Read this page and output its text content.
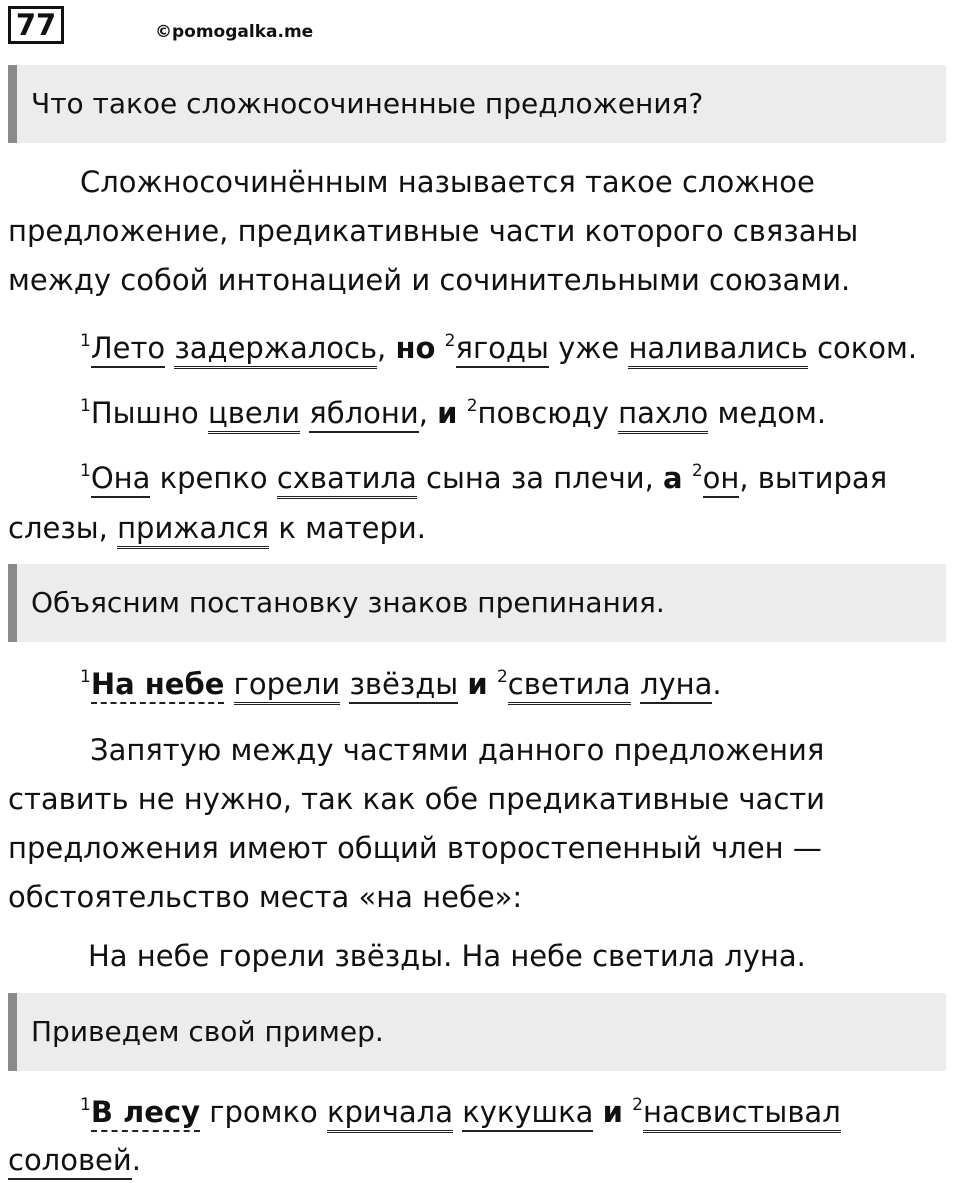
77	©pomogalka.me
Что такое сложносочиненные предложения?
Сложносочинённым называется такое сложное предложение, предикативные части которого связаны между собой интонацией и сочинительными союзами.
$^1$Лето задержалось, но $^2$ягоды уже наливались соком.
$^1$Пышно цвели яблони, и $^2$повсюду пахло медом.
$^1$Она крепко схватила сына за плечи, а $^2$он, вытирая
слезы, прижался к матери.
Объясним постановку знаков препинания.
$^1$На небе горели звёзды и $^2$светила луна.
Запятую между частями данного предложения ставить не нужно, так как обе предикативные части предложения имеют общий второстепенный член — обстоятельство места «на небе»:
На небе горели звёзды. На небе светила луна.
Приведем свой пример.
$^1$В лесу громко кричала кукушка и $^2$насвистывал
соловей.
